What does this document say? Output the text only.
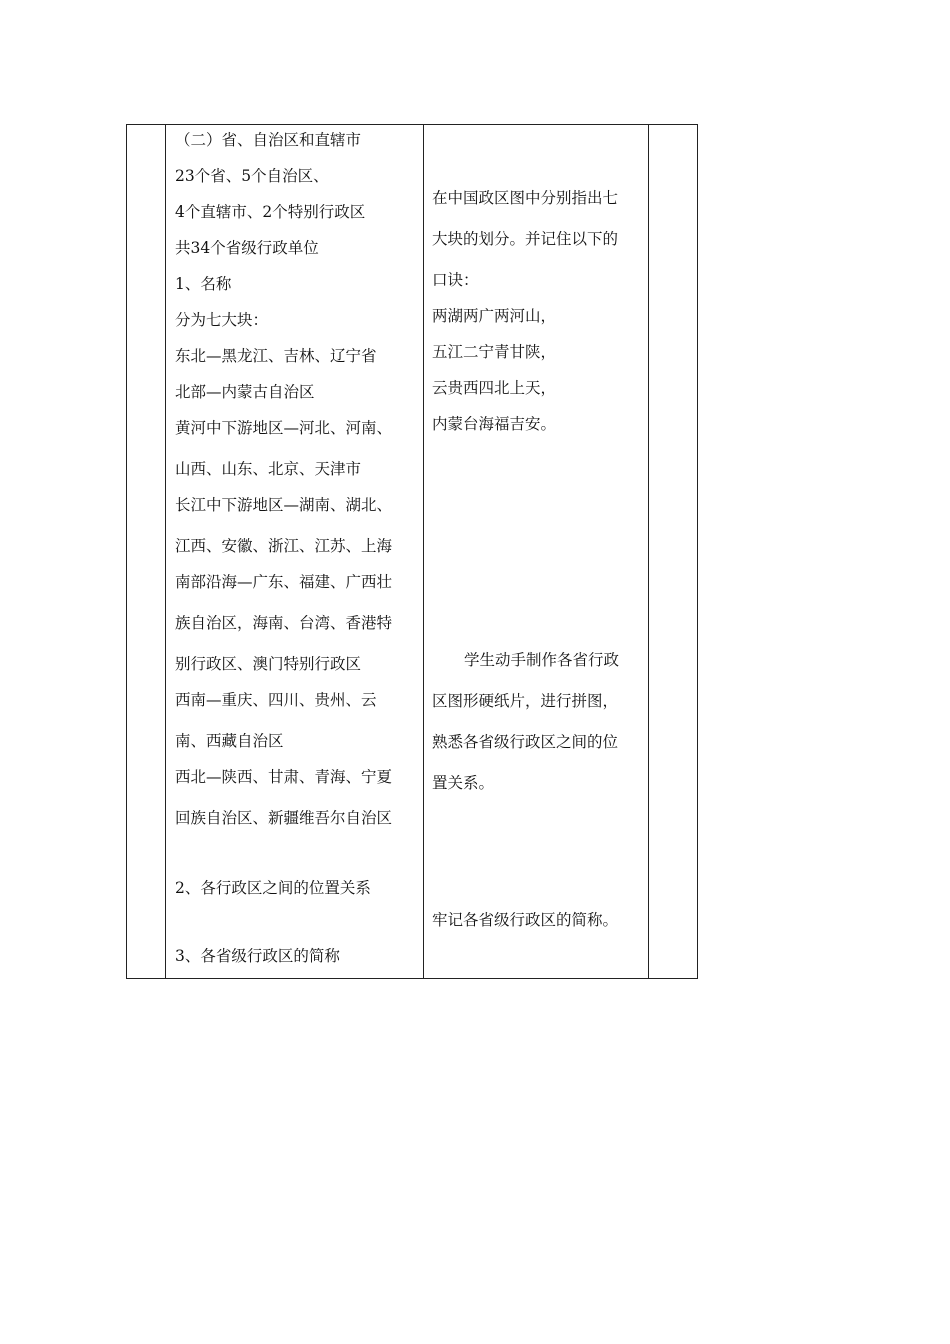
（二）省、自治区和直辖市
23个省、5个自治区、
4个直辖市、2个特别行政区
共34个省级行政单位
1、名称
分为七大块：
东北—黑龙江、吉林、辽宁省
北部—内蒙古自治区
黄河中下游地区—河北、河南、
山西、山东、北京、天津市
长江中下游地区—湖南、湖北、
江西、安徽、浙江、江苏、上海
南部沿海—广东、福建、广西壮
族自治区，海南、台湾、香港特
别行政区、澳门特别行政区
西南—重庆、四川、贵州、云
南、西藏自治区
西北—陕西、甘肃、青海、宁夏
回族自治区、新疆维吾尔自治区
2、各行政区之间的位置关系
3、各省级行政区的简称
在中国政区图中分别指出七
大块的划分。并记住以下的
口诀：
两湖两广两河山，
五江二宁青甘陕，
云贵西四北上天，
内蒙台海福吉安。
学生动手制作各省行政
区图形硬纸片，进行拼图，
熟悉各省级行政区之间的位
置关系。
牢记各省级行政区的简称。
